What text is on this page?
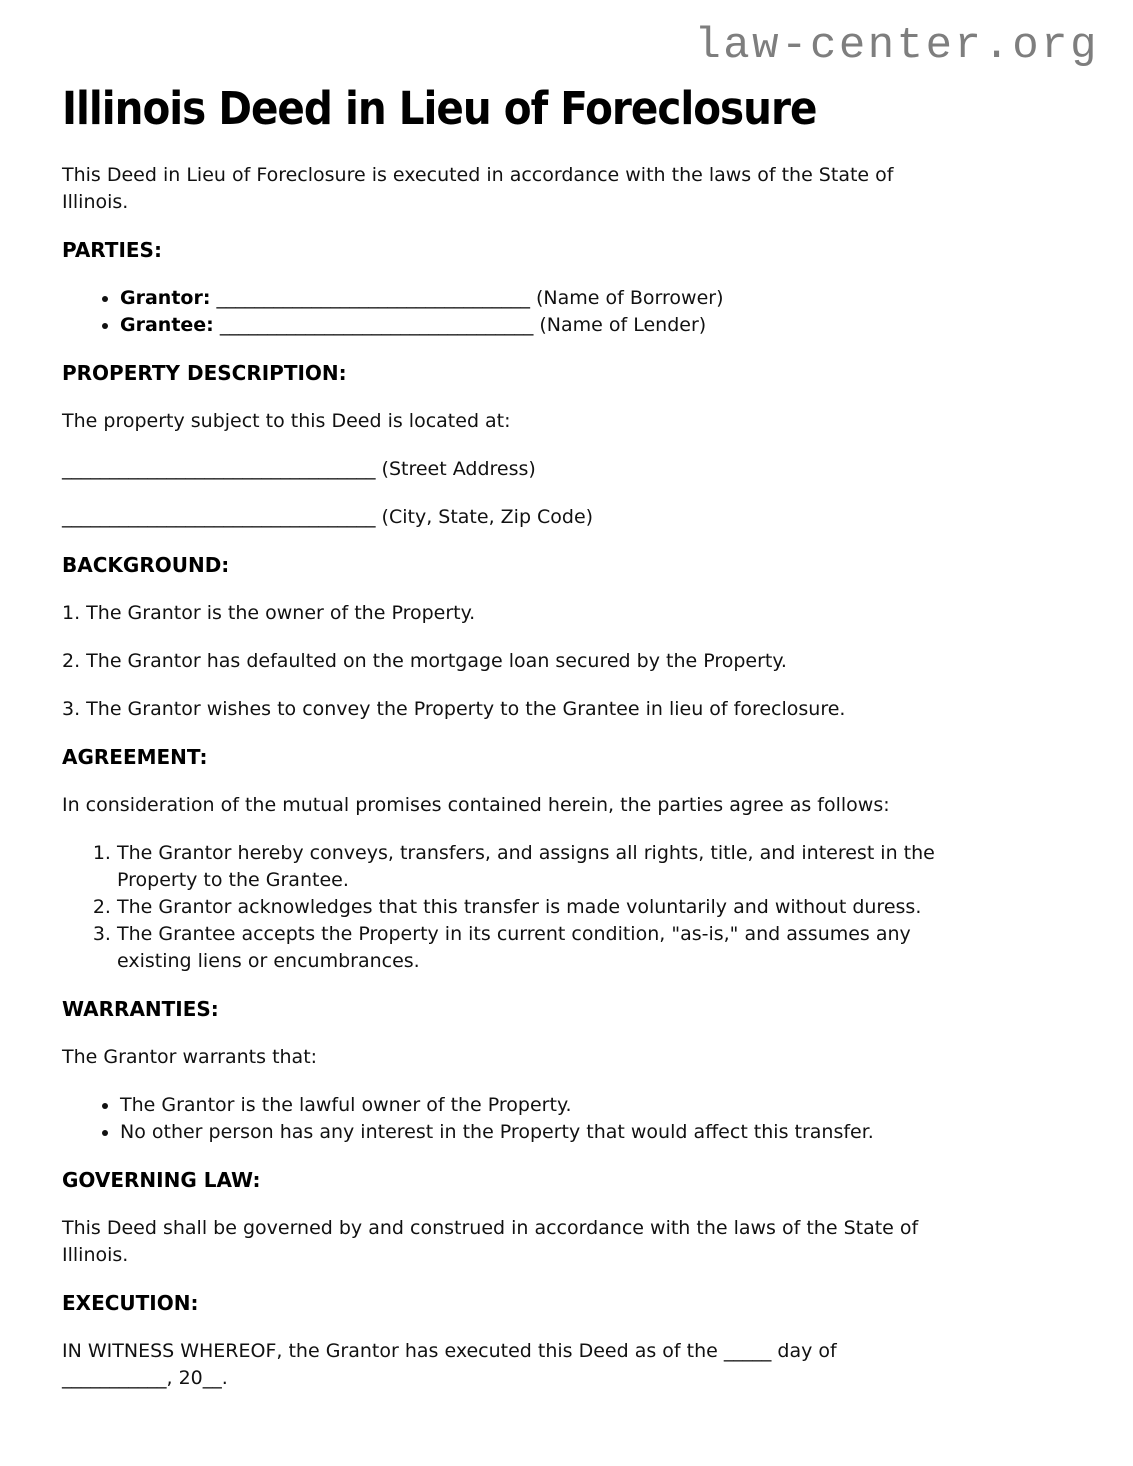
law-center.org
Illinois Deed in Lieu of Foreclosure

This Deed in Lieu of Foreclosure is executed in accordance with the laws of the State of
Illinois.

PARTIES:

• Grantor: _________________________________ (Name of Borrower)
• Grantee: _________________________________ (Name of Lender)

PROPERTY DESCRIPTION:

The property subject to this Deed is located at:

_________________________________ (Street Address)

_________________________________ (City, State, Zip Code)

BACKGROUND:

1. The Grantor is the owner of the Property.

2. The Grantor has defaulted on the mortgage loan secured by the Property.

3. The Grantor wishes to convey the Property to the Grantee in lieu of foreclosure.

AGREEMENT:

In consideration of the mutual promises contained herein, the parties agree as follows:

1. The Grantor hereby conveys, transfers, and assigns all rights, title, and interest in the
Property to the Grantee.
2. The Grantor acknowledges that this transfer is made voluntarily and without duress.
3. The Grantee accepts the Property in its current condition, "as-is," and assumes any
existing liens or encumbrances.

WARRANTIES:

The Grantor warrants that:

• The Grantor is the lawful owner of the Property.
• No other person has any interest in the Property that would affect this transfer.

GOVERNING LAW:

This Deed shall be governed by and construed in accordance with the laws of the State of
Illinois.

EXECUTION:

IN WITNESS WHEREOF, the Grantor has executed this Deed as of the _____ day of
___________, 20__.
